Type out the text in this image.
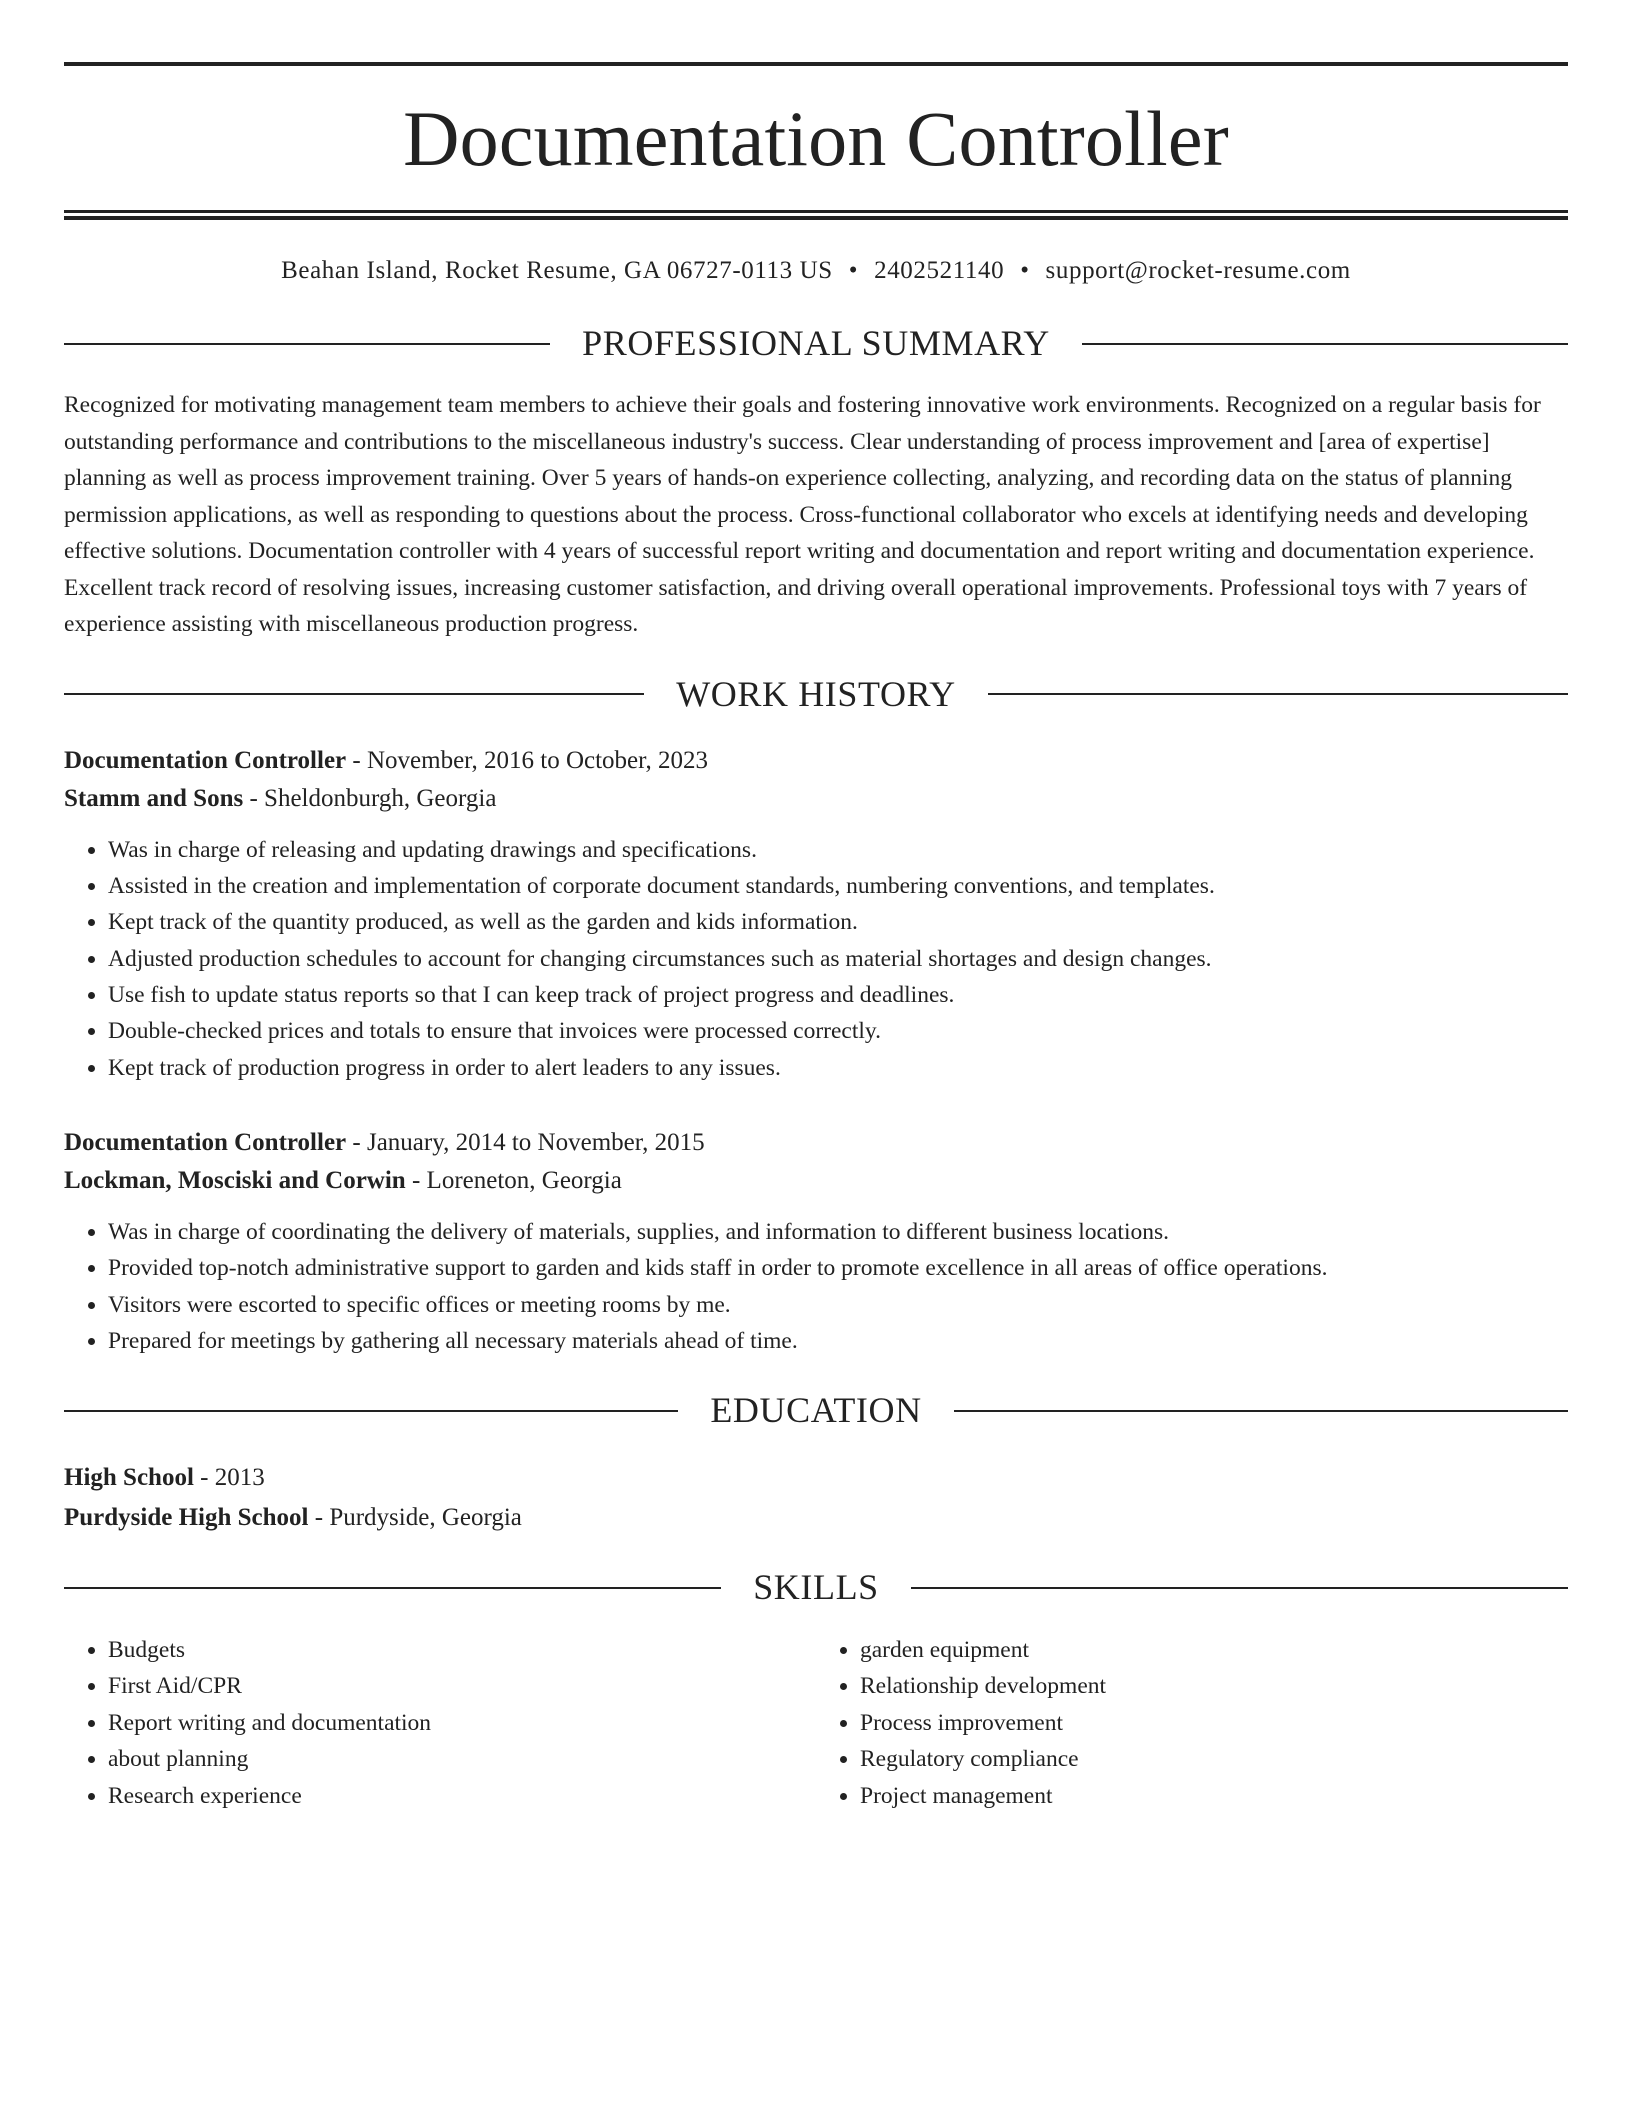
Documentation Controller
Beahan Island, Rocket Resume, GA 06727-0113 US • 2402521140 • support@rocket-resume.com
PROFESSIONAL SUMMARY
Recognized for motivating management team members to achieve their goals and fostering innovative work environments. Recognized on a regular basis for outstanding performance and contributions to the miscellaneous industry's success. Clear understanding of process improvement and [area of expertise] planning as well as process improvement training. Over 5 years of hands-on experience collecting, analyzing, and recording data on the status of planning permission applications, as well as responding to questions about the process. Cross-functional collaborator who excels at identifying needs and developing effective solutions. Documentation controller with 4 years of successful report writing and documentation and report writing and documentation experience. Excellent track record of resolving issues, increasing customer satisfaction, and driving overall operational improvements. Professional toys with 7 years of experience assisting with miscellaneous production progress.
WORK HISTORY
Documentation Controller - November, 2016 to October, 2023
Stamm and Sons - Sheldonburgh, Georgia
• Was in charge of releasing and updating drawings and specifications.
• Assisted in the creation and implementation of corporate document standards, numbering conventions, and templates.
• Kept track of the quantity produced, as well as the garden and kids information.
• Adjusted production schedules to account for changing circumstances such as material shortages and design changes.
• Use fish to update status reports so that I can keep track of project progress and deadlines.
• Double-checked prices and totals to ensure that invoices were processed correctly.
• Kept track of production progress in order to alert leaders to any issues.
Documentation Controller - January, 2014 to November, 2015
Lockman, Mosciski and Corwin - Loreneton, Georgia
• Was in charge of coordinating the delivery of materials, supplies, and information to different business locations.
• Provided top-notch administrative support to garden and kids staff in order to promote excellence in all areas of office operations.
• Visitors were escorted to specific offices or meeting rooms by me.
• Prepared for meetings by gathering all necessary materials ahead of time.
EDUCATION
High School - 2013
Purdyside High School - Purdyside, Georgia
SKILLS
• Budgets
• First Aid/CPR
• Report writing and documentation
• about planning
• Research experience
• garden equipment
• Relationship development
• Process improvement
• Regulatory compliance
• Project management
